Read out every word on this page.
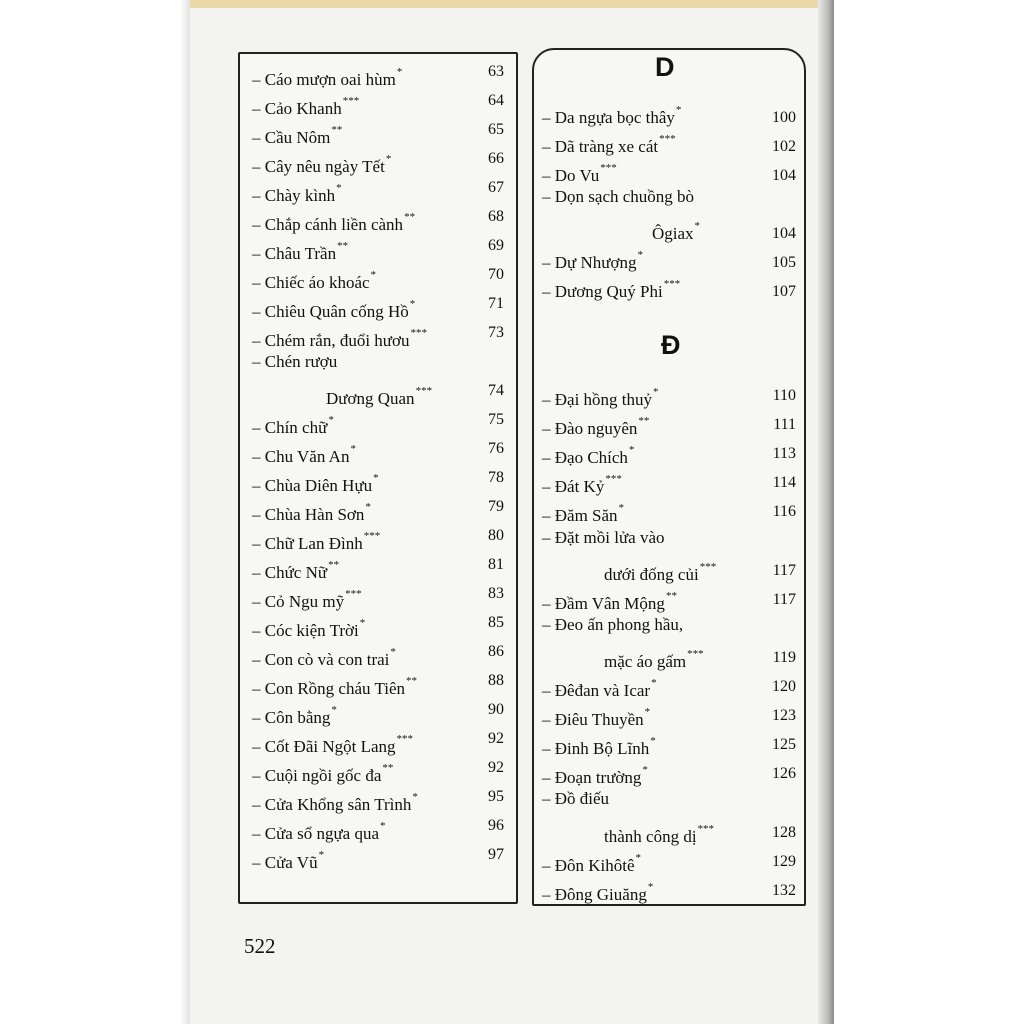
– Cáo mượn oai hùm*	63
– Cảo Khanh***	64
– Cầu Nôm**	65
– Cây nêu ngày Tết*	66
– Chày kình*	67
– Chắp cánh liền cành**	68
– Châu Trần**	69
– Chiếc áo khoác*	70
– Chiêu Quân cống Hồ*	71
– Chém rắn, đuổi hươu***	73
– Chén rượu
Dương Quan***	74
– Chín chữ*	75
– Chu Văn An*	76
– Chùa Diên Hựu*	78
– Chùa Hàn Sơn*	79
– Chữ Lan Đình***	80
– Chức Nữ**	81
– Cỏ Ngu mỹ***	83
– Cóc kiện Trời*	85
– Con cò và con trai*	86
– Con Rồng cháu Tiên**	88
– Côn bằng*	90
– Cốt Đãi Ngột Lang***	92
– Cuội ngồi gốc đa**	92
– Cửa Khổng sân Trình*	95
– Cửa sổ ngựa qua*	96
– Cửa Vũ*	97
D
– Da ngựa bọc thây*	100
– Dã tràng xe cát***	102
– Do Vu***	104
– Dọn sạch chuồng bò
Ôgiax*	104
– Dự Nhượng*	105
– Dương Quý Phi***	107
Đ
– Đại hồng thuỷ*	110
– Đào nguyên**	111
– Đạo Chích*	113
– Đát Kỷ***	114
– Đăm Săn*	116
– Đặt mồi lửa vào
dưới đống củi***	117
– Đầm Vân Mộng**	117
– Đeo ấn phong hầu,
mặc áo gấm***	119
– Đêđan và Icar*	120
– Điêu Thuyền*	123
– Đinh Bộ Lĩnh*	125
– Đoạn trường*	126
– Đồ điếu
thành công dị***	128
– Đôn Kihôtê*	129
– Đông Giuăng*	132
522
